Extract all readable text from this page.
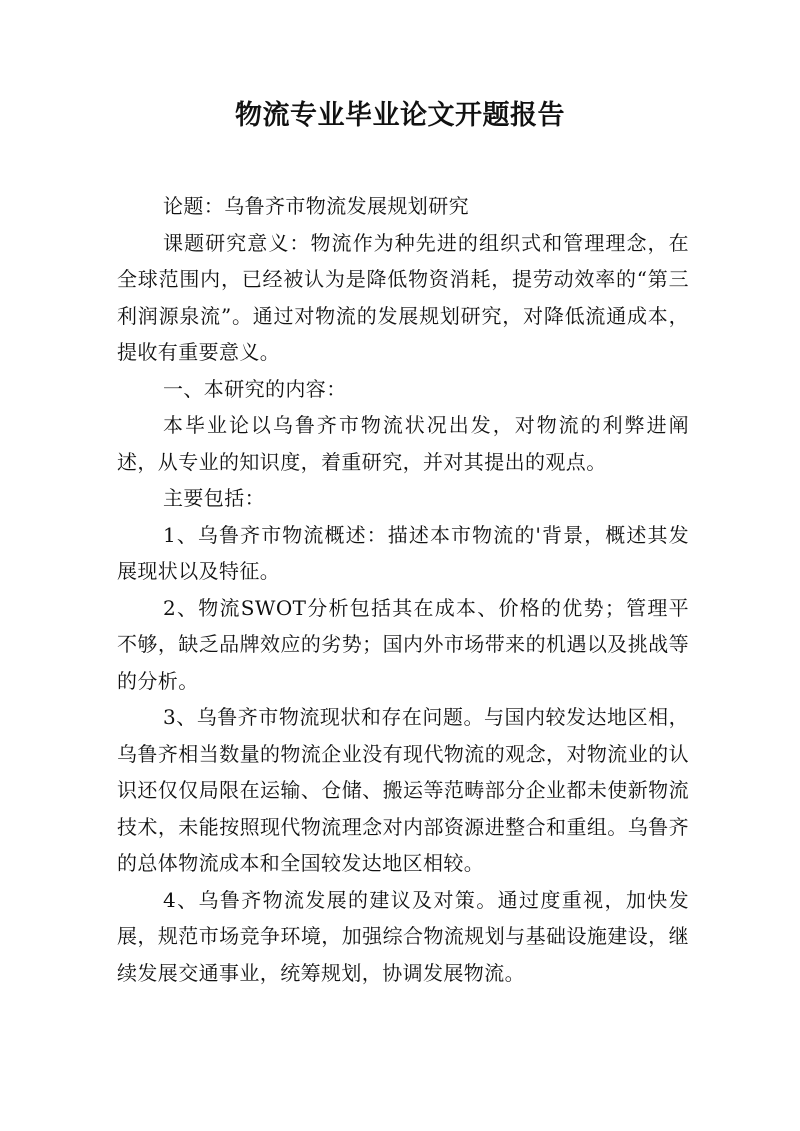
物流专业毕业论文开题报告

论题：乌鲁齐市物流发展规划研究

课题研究意义：物流作为种先进的组织式和管理理念，在全球范围内，已经被认为是降低物资消耗，提劳动效率的“第三利润源泉流”。通过对物流的发展规划研究，对降低流通成本，提收有重要意义。

一、本研究的内容：

本毕业论以乌鲁齐市物流状况出发，对物流的利弊进阐述，从专业的知识度，着重研究，并对其提出的观点。

主要包括：

1、乌鲁齐市物流概述：描述本市物流的'背景，概述其发展现状以及特征。

2、物流SWOT分析包括其在成本、价格的优势；管理平不够，缺乏品牌效应的劣势；国内外市场带来的机遇以及挑战等的分析。

3、乌鲁齐市物流现状和存在问题。与国内较发达地区相，乌鲁齐相当数量的物流企业没有现代物流的观念，对物流业的认识还仅仅局限在运输、仓储、搬运等范畴部分企业都未使新物流技术，未能按照现代物流理念对内部资源进整合和重组。乌鲁齐的总体物流成本和全国较发达地区相较。

4、乌鲁齐物流发展的建议及对策。通过度重视，加快发展，规范市场竞争环境，加强综合物流规划与基础设施建设，继续发展交通事业，统筹规划，协调发展物流。
